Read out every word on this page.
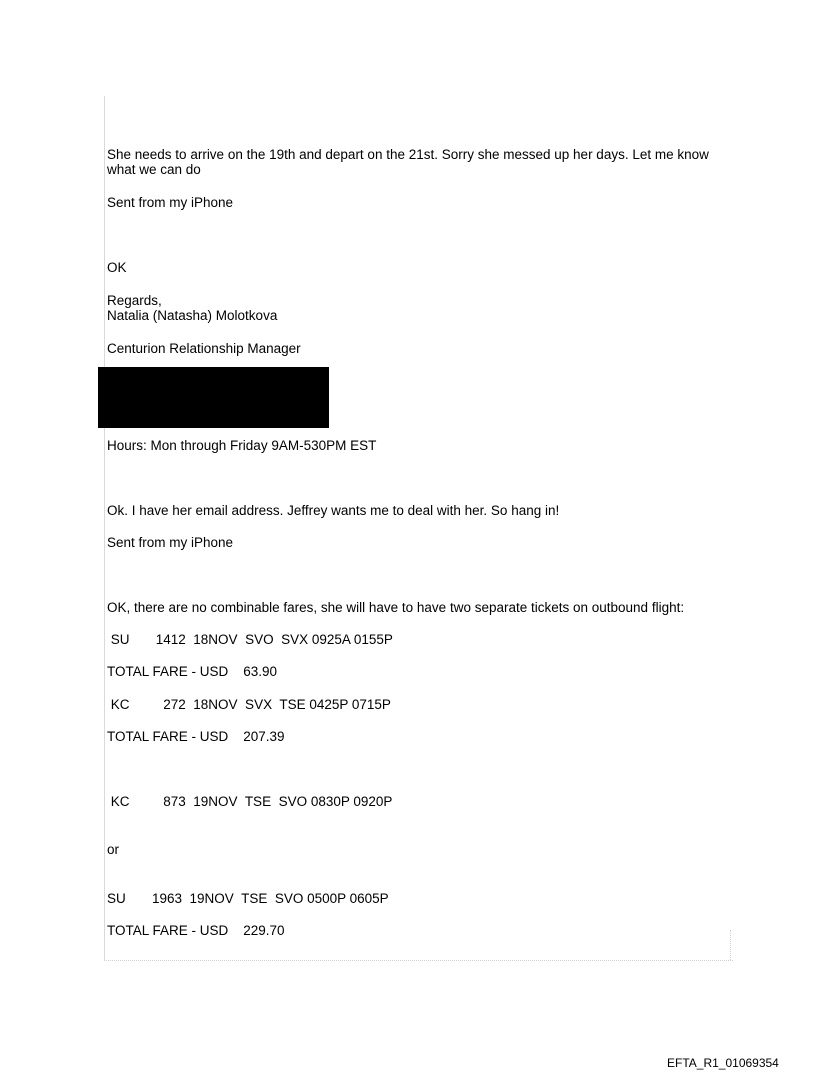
She needs to arrive on the 19th and depart on the 21st. Sorry she messed up her days. Let me know what we can do
Sent from my iPhone
OK
Regards,
Natalia (Natasha) Molotkova
Centurion Relationship Manager
Hours: Mon through Friday 9AM-530PM EST
Ok. I have her email address. Jeffrey wants me to deal with her. So hang in!
Sent from my iPhone
OK, there are no combinable fares, she will have to have two separate tickets on outbound flight:
SU       1412  18NOV  SVO  SVX 0925A 0155P
TOTAL FARE - USD    63.90
KC         272  18NOV  SVX  TSE 0425P 0715P
TOTAL FARE - USD    207.39
KC         873  19NOV  TSE  SVO 0830P 0920P
or
SU       1963  19NOV  TSE  SVO 0500P 0605P
TOTAL FARE - USD    229.70
EFTA_R1_01069354
